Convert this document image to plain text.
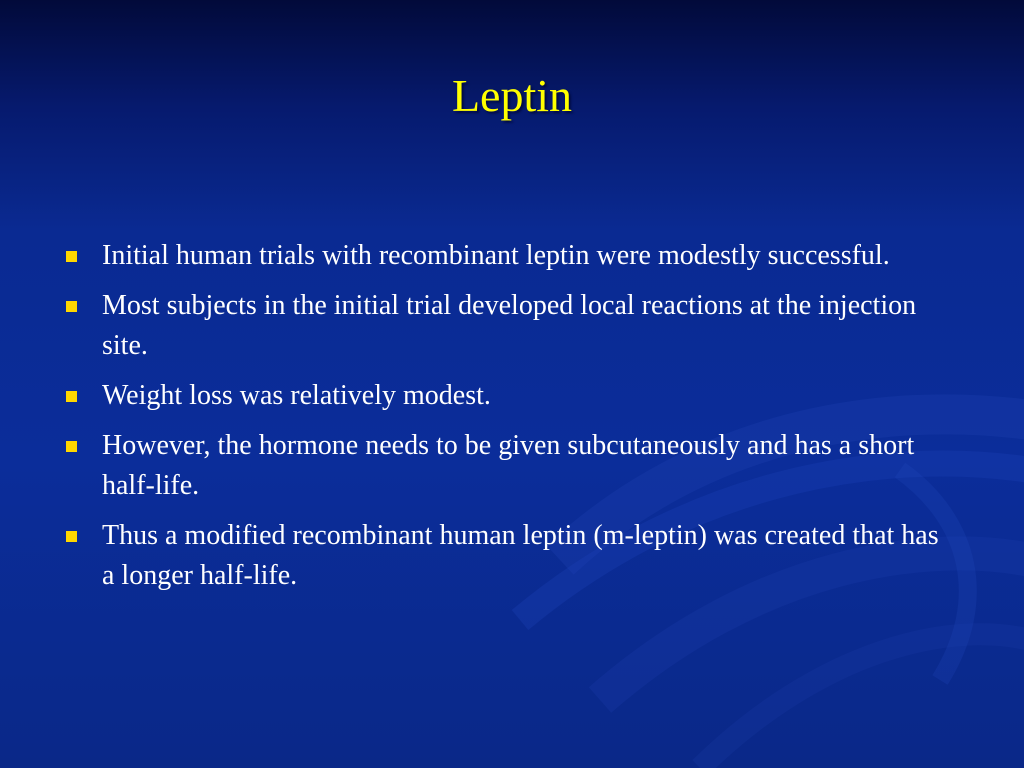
Leptin
Initial human trials with recombinant leptin were modestly successful.
Most subjects in the initial trial developed local reactions at the injection site.
Weight loss was relatively modest.
However, the hormone needs to be given subcutaneously and has a short half-life.
Thus a modified recombinant human leptin (m-leptin) was created that has a longer half-life.
